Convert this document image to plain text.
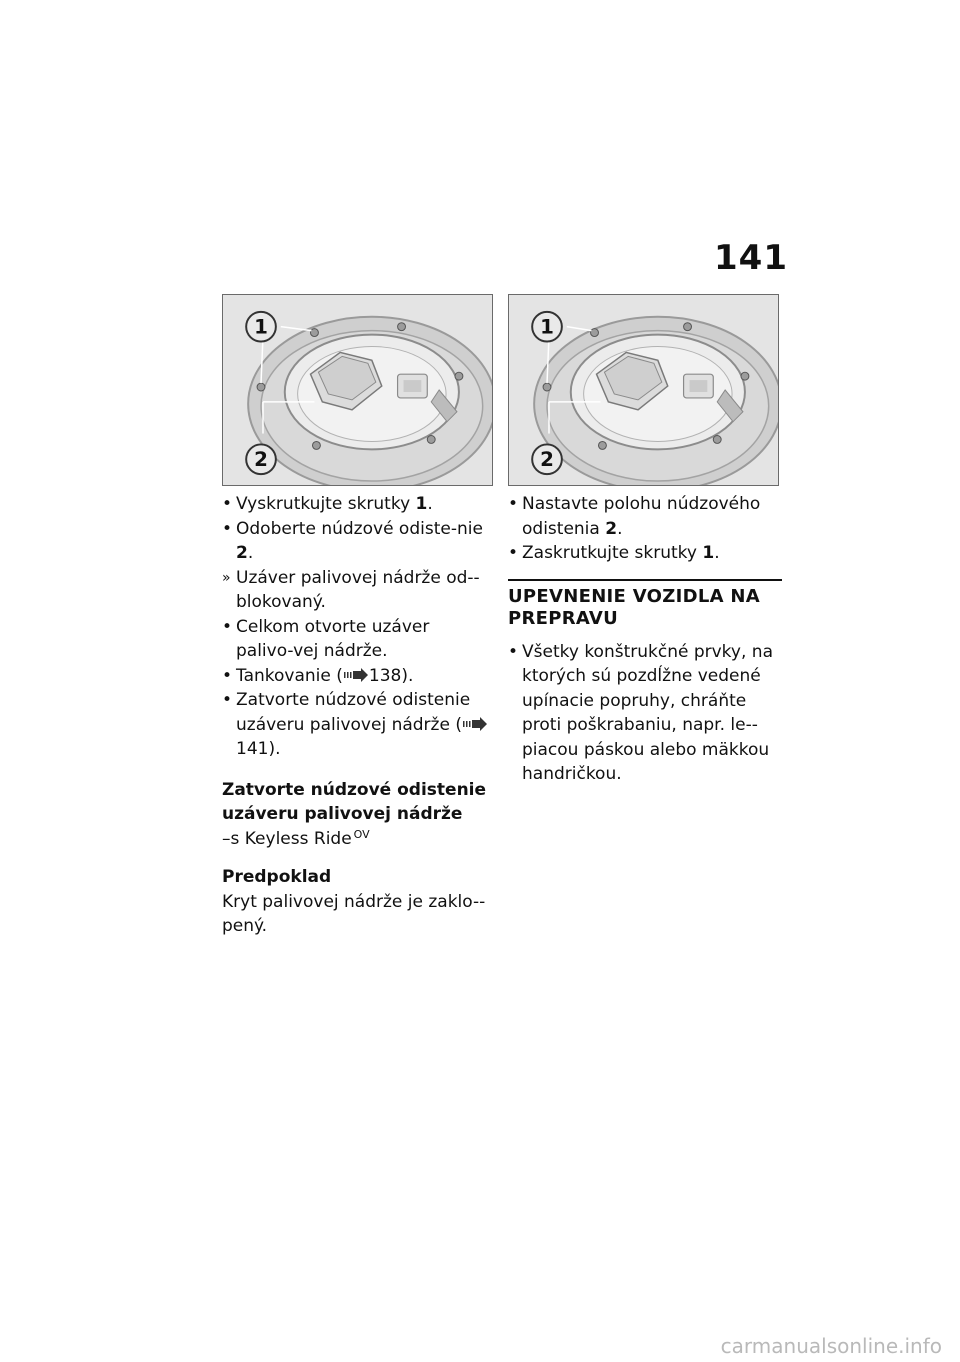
141
1
2
1
2
• Vyskrutkujte skrutky 1.
• Odoberte núdzové odiste-nie 2.
» Uzáver palivovej nádrže od-blokovaný.
• Celkom otvorte uzáver palivo-vej nádrže.
• Tankovanie ( 138).
• Zatvorte núdzové odistenie uzáveru palivovej nádrže (141).
Zatvorte núdzové odistenie uzáveru palivovej nádrže
–s Keyless Ride $^{OV}$
Predpoklad
Kryt palivovej nádrže je zaklo-pený.
• Nastavte polohu núdzového odistenia 2.
• Zaskrutkujte skrutky 1.
UPEVNENIE VOZIDLA NA PREPRAVU
• Všetky konštrukčné prvky, na ktorých sú pozdĺžne vedené upínacie popruhy, chráňte proti poškrabaniu, napr. le-piacou páskou alebo mäkkou handričkou.
carmanualsonline.info
